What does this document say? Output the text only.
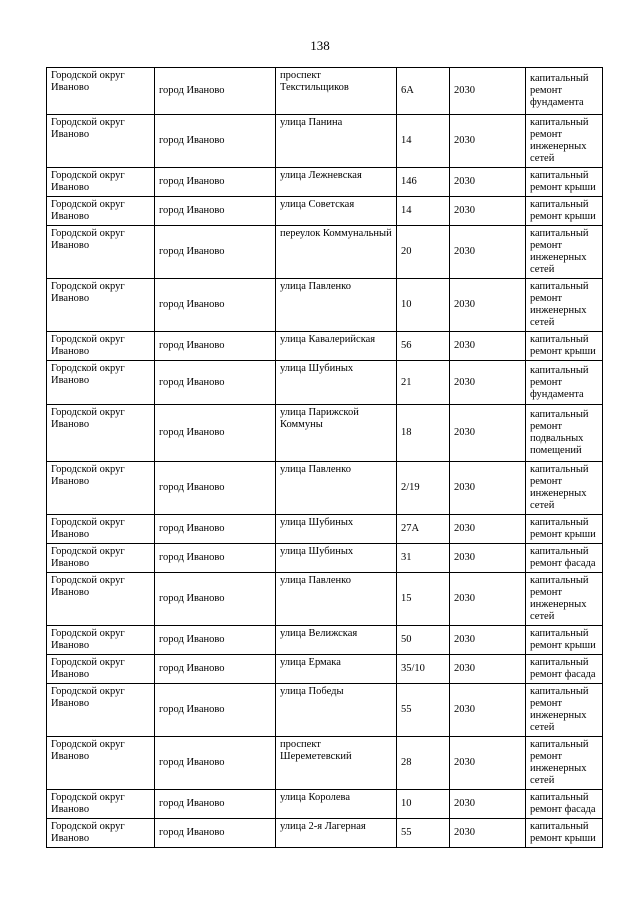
138
Городской округ Иваново	город Иваново	проспект Текстильщиков	6А	2030	капитальный ремонт фундамента
Городской округ Иваново	город Иваново	улица Панина	14	2030	капитальный ремонт инженерных сетей
Городской округ Иваново	город Иваново	улица Лежневская	146	2030	капитальный ремонт крыши
Городской округ Иваново	город Иваново	улица Советская	14	2030	капитальный ремонт крыши
Городской округ Иваново	город Иваново	переулок Коммунальный	20	2030	капитальный ремонт инженерных сетей
Городской округ Иваново	город Иваново	улица Павленко	10	2030	капитальный ремонт инженерных сетей
Городской округ Иваново	город Иваново	улица Кавалерийская	56	2030	капитальный ремонт крыши
Городской округ Иваново	город Иваново	улица Шубиных	21	2030	капитальный ремонт фундамента
Городской округ Иваново	город Иваново	улица Парижской Коммуны	18	2030	капитальный ремонт подвальных помещений
Городской округ Иваново	город Иваново	улица Павленко	2/19	2030	капитальный ремонт инженерных сетей
Городской округ Иваново	город Иваново	улица Шубиных	27А	2030	капитальный ремонт крыши
Городской округ Иваново	город Иваново	улица Шубиных	31	2030	капитальный ремонт фасада
Городской округ Иваново	город Иваново	улица Павленко	15	2030	капитальный ремонт инженерных сетей
Городской округ Иваново	город Иваново	улица Велижская	50	2030	капитальный ремонт крыши
Городской округ Иваново	город Иваново	улица Ермака	35/10	2030	капитальный ремонт фасада
Городской округ Иваново	город Иваново	улица Победы	55	2030	капитальный ремонт инженерных сетей
Городской округ Иваново	город Иваново	проспект Шереметевский	28	2030	капитальный ремонт инженерных сетей
Городской округ Иваново	город Иваново	улица Королева	10	2030	капитальный ремонт фасада
Городской округ Иваново	город Иваново	улица 2-я Лагерная	55	2030	капитальный ремонт крыши
